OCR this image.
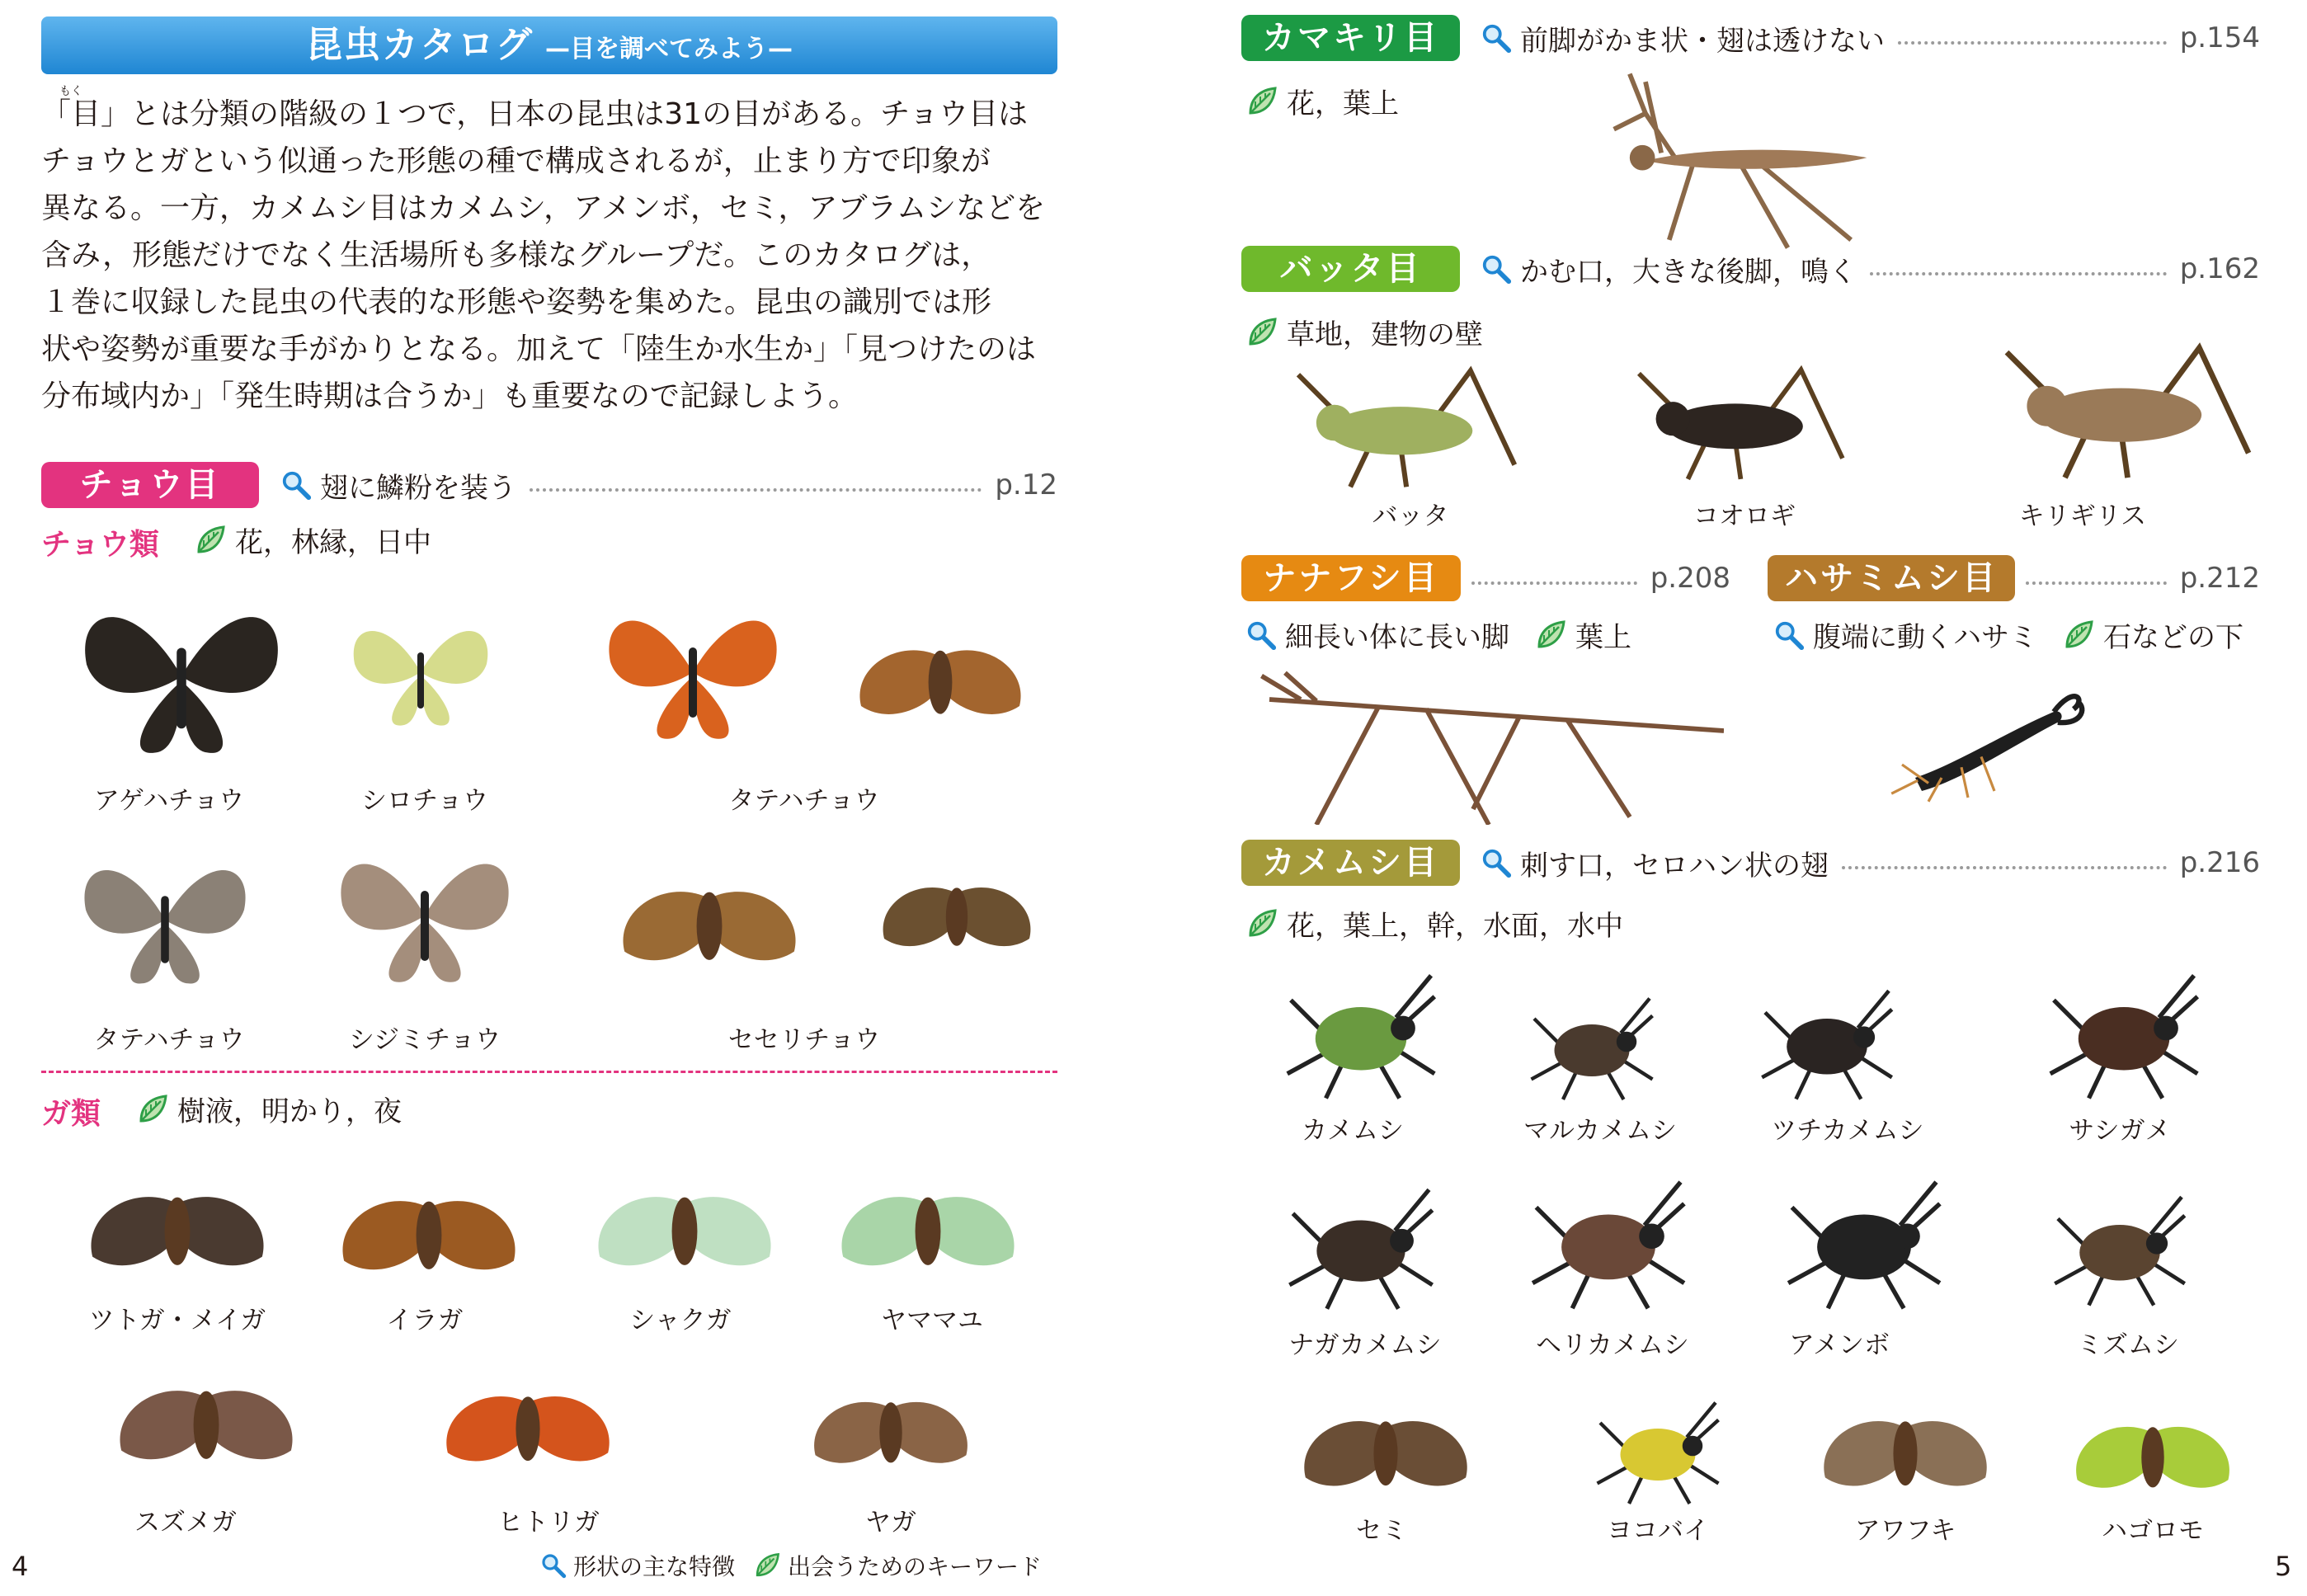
昆虫カタログ —目を調べてみよう—
もく
「目」とは分類の階級の１つで，日本の昆虫は31の目がある。チョウ目は
チョウとガという似通った形態の種で構成されるが，止まり方で印象が
異なる。一方，カメムシ目はカメムシ，アメンボ，セミ，アブラムシなどを
含み，形態だけでなく生活場所も多様なグループだ。このカタログは，
１巻に収録した昆虫の代表的な形態や姿勢を集めた。昆虫の識別では形
状や姿勢が重要な手がかりとなる。加えて「陸生か水生か」「見つけたのは
分布域内か」「発生時期は合うか」も重要なので記録しよう。
チョウ目	翅に鱗粉を装う	p.12
チョウ類	花，林縁，日中
アゲハチョウ	シロチョウ	タテハチョウ
タテハチョウ	シジミチョウ	セセリチョウ
ガ類	樹液，明かり，夜
ツトガ・メイガ	イラガ	シャクガ	ヤママユ
スズメガ	ヒトリガ	ヤガ
形状の主な特徴 出会うためのキーワード
4
カマキリ目	前脚がかま状・翅は透けない	p.154
花，葉上
バッタ目	かむ口，大きな後脚，鳴く	p.162
草地，建物の壁
バッタ	コオロギ	キリギリス
ナナフシ目	p.208	ハサミムシ目	p.212
細長い体に長い脚 葉上	腹端に動くハサミ 石などの下
カメムシ目	刺す口，セロハン状の翅	p.216
花，葉上，幹，水面，水中
カメムシ	マルカメムシ	ツチカメムシ	サシガメ
ナガカメムシ	ヘリカメムシ	アメンボ	ミズムシ
セミ	ヨコバイ	アワフキ	ハゴロモ
5
